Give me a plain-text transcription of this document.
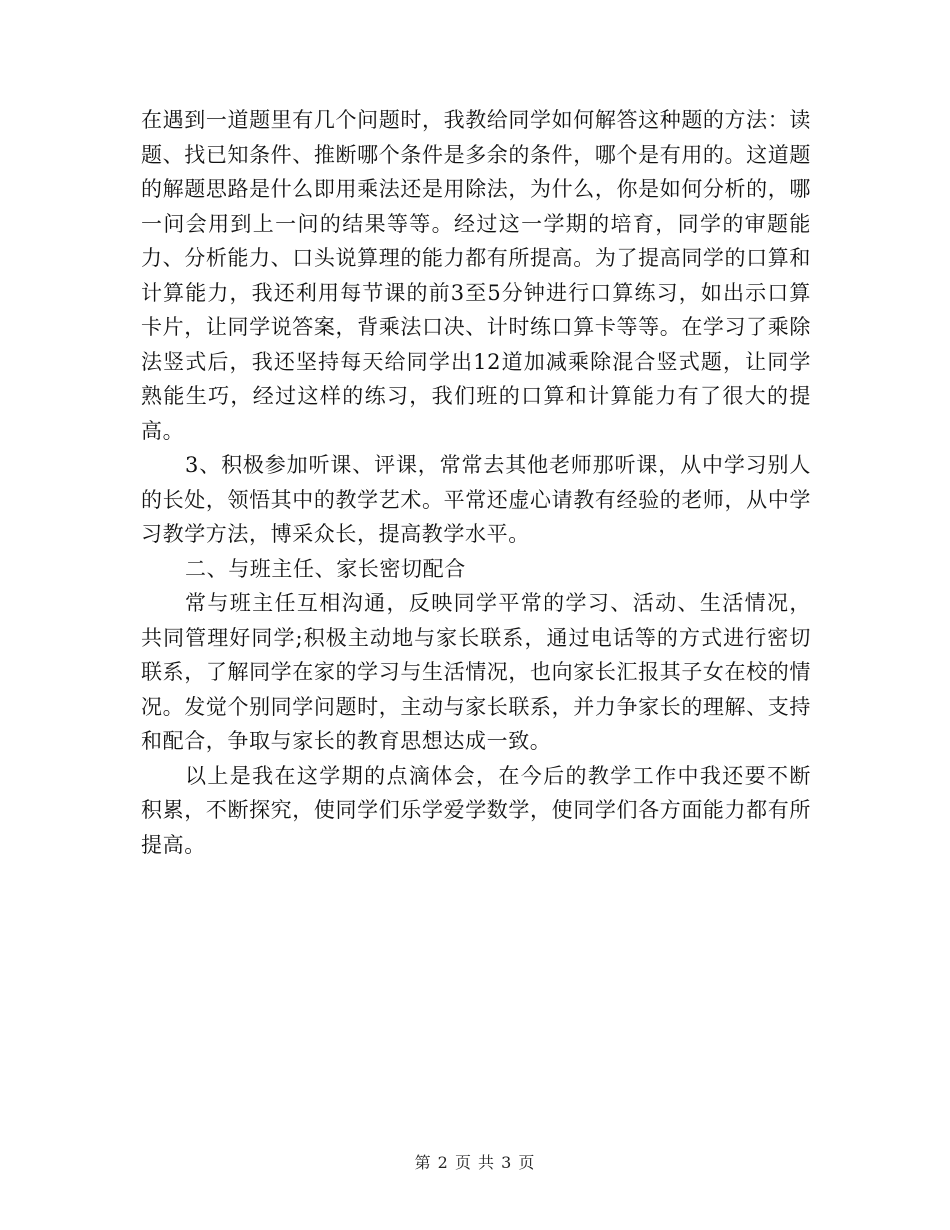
在遇到一道题里有几个问题时，我教给同学如何解答这种题的方法：读题、找已知条件、推断哪个条件是多余的条件，哪个是有用的。这道题的解题思路是什么即用乘法还是用除法，为什么，你是如何分析的，哪一问会用到上一问的结果等等。经过这一学期的培育，同学的审题能力、分析能力、口头说算理的能力都有所提高。为了提高同学的口算和计算能力，我还利用每节课的前3至5分钟进行口算练习，如出示口算卡片，让同学说答案，背乘法口决、计时练口算卡等等。在学习了乘除法竖式后，我还坚持每天给同学出12道加减乘除混合竖式题，让同学熟能生巧，经过这样的练习，我们班的口算和计算能力有了很大的提高。

3、积极参加听课、评课，常常去其他老师那听课，从中学习别人的长处，领悟其中的教学艺术。平常还虚心请教有经验的老师，从中学习教学方法，博采众长，提高教学水平。

二、与班主任、家长密切配合

常与班主任互相沟通，反映同学平常的学习、活动、生活情况，共同管理好同学;积极主动地与家长联系，通过电话等的方式进行密切联系，了解同学在家的学习与生活情况，也向家长汇报其子女在校的情况。发觉个别同学问题时，主动与家长联系，并力争家长的理解、支持和配合，争取与家长的教育思想达成一致。

以上是我在这学期的点滴体会，在今后的教学工作中我还要不断积累，不断探究，使同学们乐学爱学数学，使同学们各方面能力都有所提高。

第 2 页 共 3 页
